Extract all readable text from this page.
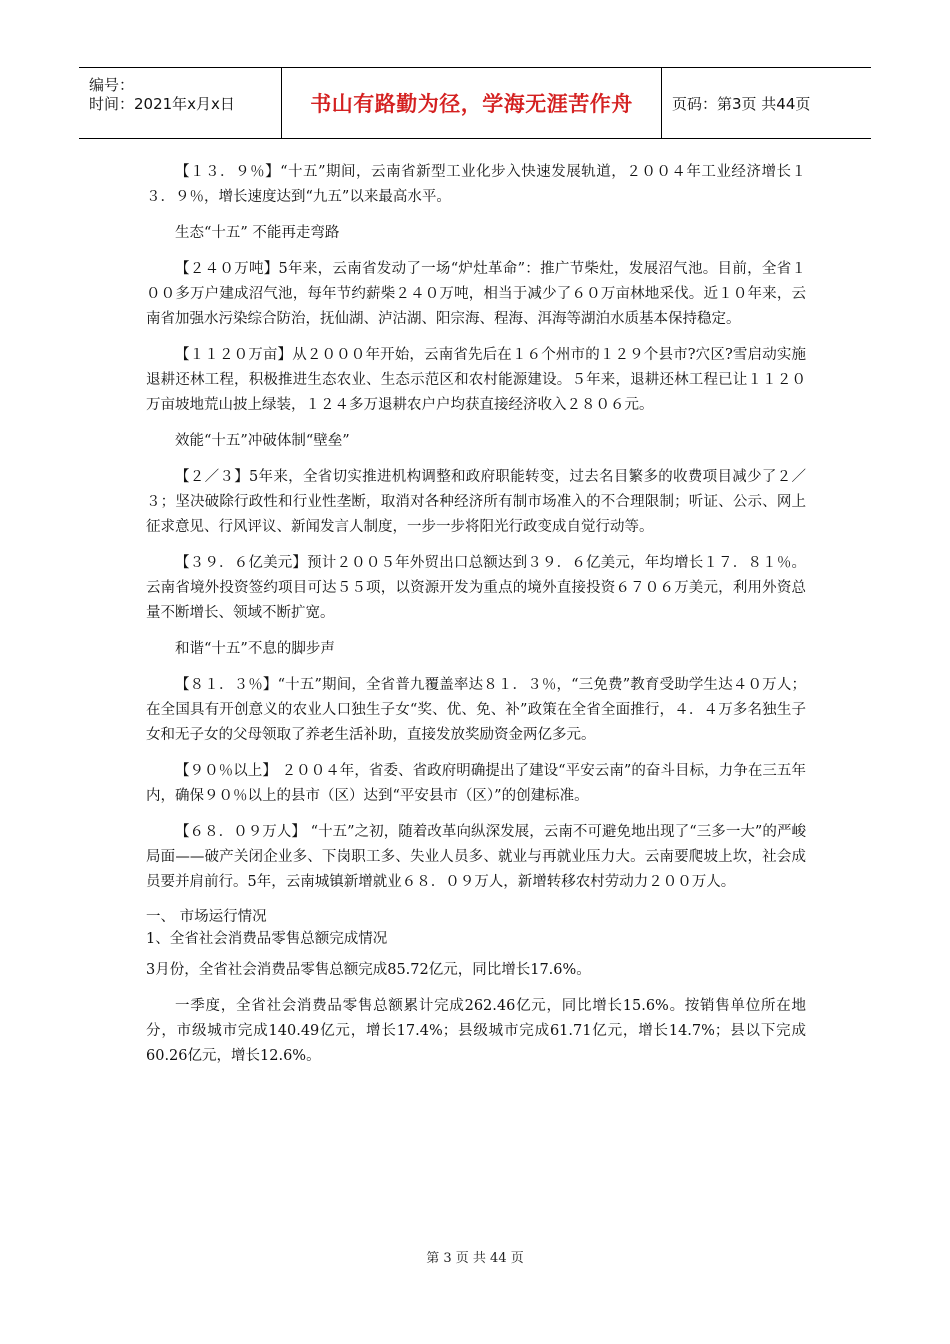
编号：
时间：2021年x月x日	书山有路勤为径，学海无涯苦作舟	页码：第3页 共44页

【１３．９％】“十五”期间，云南省新型工业化步入快速发展轨道，２００４年工业经济增长１３．９％，增长速度达到“九五”以来最高水平。

生态“十五” 不能再走弯路

【２４０万吨】5年来，云南省发动了一场“炉灶革命”：推广节柴灶，发展沼气池。目前，全省１００多万户建成沼气池，每年节约薪柴２４０万吨，相当于减少了６０万亩林地采伐。近１０年来，云南省加强水污染综合防治，抚仙湖、泸沽湖、阳宗海、程海、洱海等湖泊水质基本保持稳定。

【１１２０万亩】从２０００年开始，云南省先后在１６个州市的１２９个县市?穴区?雪启动实施退耕还林工程，积极推进生态农业、生态示范区和农村能源建设。５年来，退耕还林工程已让１１２０万亩坡地荒山披上绿装，１２４多万退耕农户户均获直接经济收入２８０６元。

效能“十五”冲破体制“壁垒”

【２／３】5年来，全省切实推进机构调整和政府职能转变，过去名目繁多的收费项目减少了２／３；坚决破除行政性和行业性垄断，取消对各种经济所有制市场准入的不合理限制；听证、公示、网上征求意见、行风评议、新闻发言人制度，一步一步将阳光行政变成自觉行动等。

【３９．６亿美元】预计２００５年外贸出口总额达到３９．６亿美元，年均增长１７．８１％。云南省境外投资签约项目可达５５项，以资源开发为重点的境外直接投资６７０６万美元，利用外资总量不断增长、领域不断扩宽。

和谐“十五”不息的脚步声

【８１．３％】“十五”期间，全省普九覆盖率达８１．３％，“三免费”教育受助学生达４０万人；在全国具有开创意义的农业人口独生子女“奖、优、免、补”政策在全省全面推行，４．４万多名独生子女和无子女的父母领取了养老生活补助，直接发放奖励资金两亿多元。

【９０％以上】 ２００４年，省委、省政府明确提出了建设“平安云南”的奋斗目标，力争在三五年内，确保９０％以上的县市（区）达到“平安县市（区）”的创建标准。

【６８．０９万人】 “十五”之初，随着改革向纵深发展，云南不可避免地出现了“三多一大”的严峻局面——破产关闭企业多、下岗职工多、失业人员多、就业与再就业压力大。云南要爬坡上坎，社会成员要并肩前行。5年，云南城镇新增就业６８．０９万人，新增转移农村劳动力２００万人。

一、 市场运行情况
1、全省社会消费品零售总额完成情况

3月份，全省社会消费品零售总额完成85.72亿元，同比增长17.6%。

一季度，全省社会消费品零售总额累计完成262.46亿元，同比增长15.6%。按销售单位所在地分，市级城市完成140.49亿元，增长17.4%；县级城市完成61.71亿元，增长14.7%；县以下完成60.26亿元，增长12.6%。

第 3 页 共 44 页
